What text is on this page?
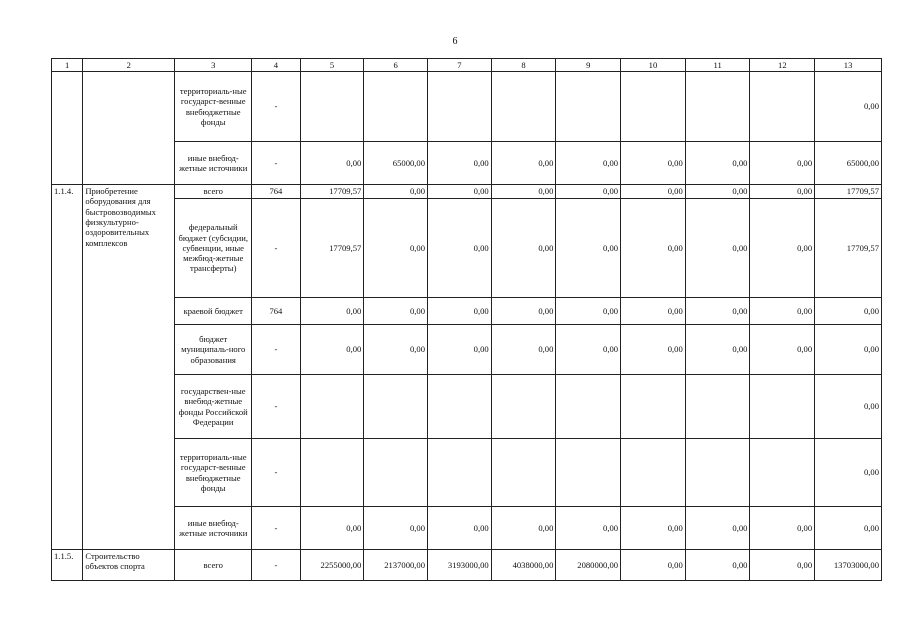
6
1	2	3	4	5	6	7	8	9	10	11	12	13
		территориаль-ные государст-венные внебюджетные фонды	-									0,00
		иные внебюд-жетные источники	-	0,00	65000,00	0,00	0,00	0,00	0,00	0,00	0,00	65000,00
1.1.4.	Приобретение оборудования для быстровозводимых физкультурно-оздоровительных комплексов	всего	764	17709,57	0,00	0,00	0,00	0,00	0,00	0,00	0,00	17709,57
		федеральный бюджет (субсидии, субвенции, иные межбюд-жетные трансферты)	-	17709,57	0,00	0,00	0,00	0,00	0,00	0,00	0,00	17709,57
		краевой бюджет	764	0,00	0,00	0,00	0,00	0,00	0,00	0,00	0,00	0,00
		бюджет муниципаль-ного образования	-	0,00	0,00	0,00	0,00	0,00	0,00	0,00	0,00	0,00
		государствен-ные внебюд-жетные фонды Российской Федерации	-									0,00
		территориаль-ные государст-венные внебюджетные фонды	-									0,00
		иные внебюд-жетные источники	-	0,00	0,00	0,00	0,00	0,00	0,00	0,00	0,00	0,00
1.1.5.	Строительство объектов спорта	всего	-	2255000,00	2137000,00	3193000,00	4038000,00	2080000,00	0,00	0,00	0,00	13703000,00
